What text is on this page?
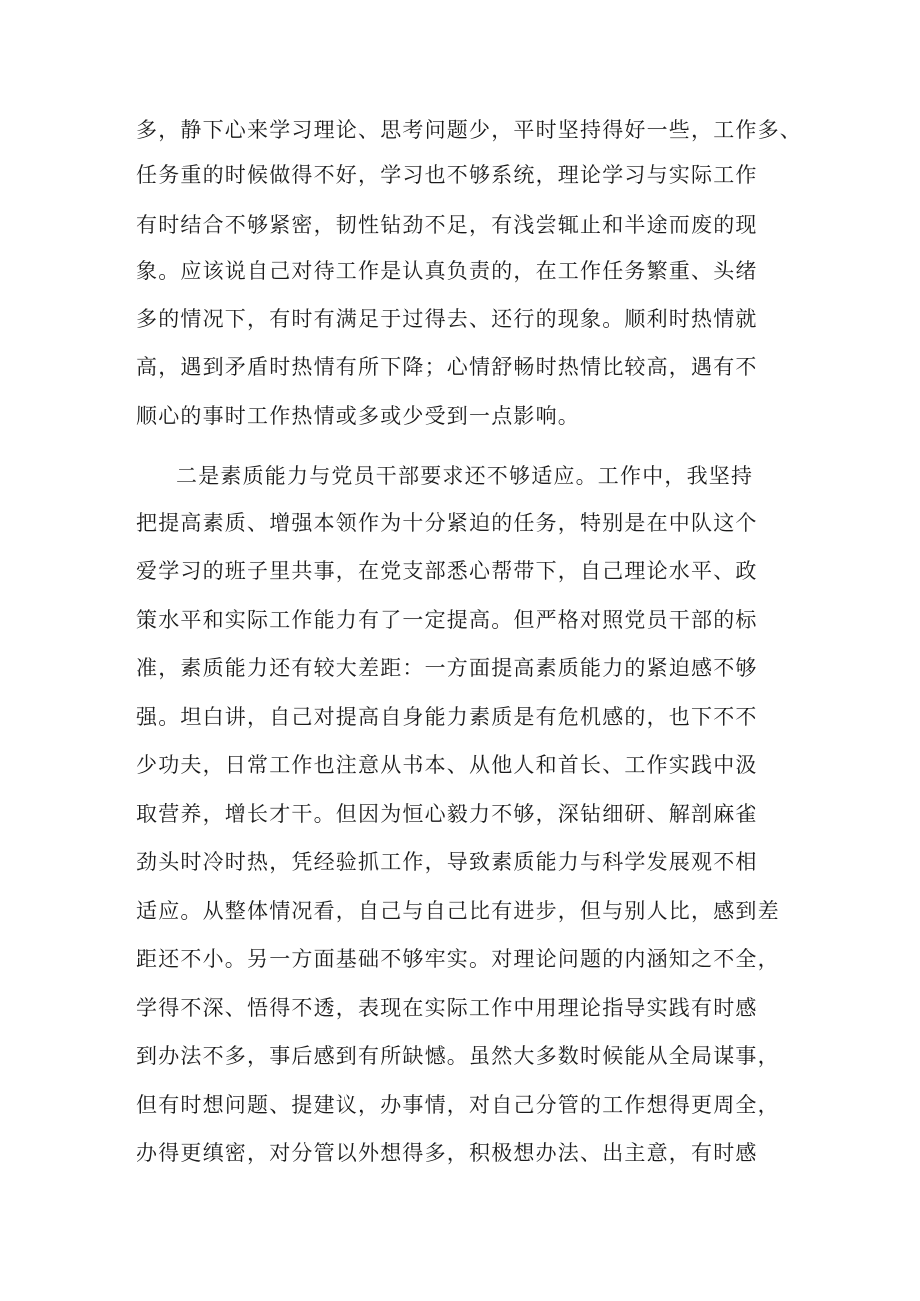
多，静下心来学习理论、思考问题少，平时坚持得好一些，工作多、
任务重的时候做得不好，学习也不够系统，理论学习与实际工作
有时结合不够紧密，韧性钻劲不足，有浅尝辄止和半途而废的现
象。应该说自己对待工作是认真负责的，在工作任务繁重、头绪
多的情况下，有时有满足于过得去、还行的现象。顺利时热情就
高，遇到矛盾时热情有所下降；心情舒畅时热情比较高，遇有不
顺心的事时工作热情或多或少受到一点影响。
二是素质能力与党员干部要求还不够适应。工作中，我坚持
把提高素质、增强本领作为十分紧迫的任务，特别是在中队这个
爱学习的班子里共事，在党支部悉心帮带下，自己理论水平、政
策水平和实际工作能力有了一定提高。但严格对照党员干部的标
准，素质能力还有较大差距：一方面提高素质能力的紧迫感不够
强。坦白讲，自己对提高自身能力素质是有危机感的，也下不不
少功夫，日常工作也注意从书本、从他人和首长、工作实践中汲
取营养，增长才干。但因为恒心毅力不够，深钻细研、解剖麻雀
劲头时冷时热，凭经验抓工作，导致素质能力与科学发展观不相
适应。从整体情况看，自己与自己比有进步，但与别人比，感到差
距还不小。另一方面基础不够牢实。对理论问题的内涵知之不全，
学得不深、悟得不透，表现在实际工作中用理论指导实践有时感
到办法不多，事后感到有所缺憾。虽然大多数时候能从全局谋事，
但有时想问题、提建议，办事情，对自己分管的工作想得更周全，
办得更缜密，对分管以外想得多，积极想办法、出主意，有时感
